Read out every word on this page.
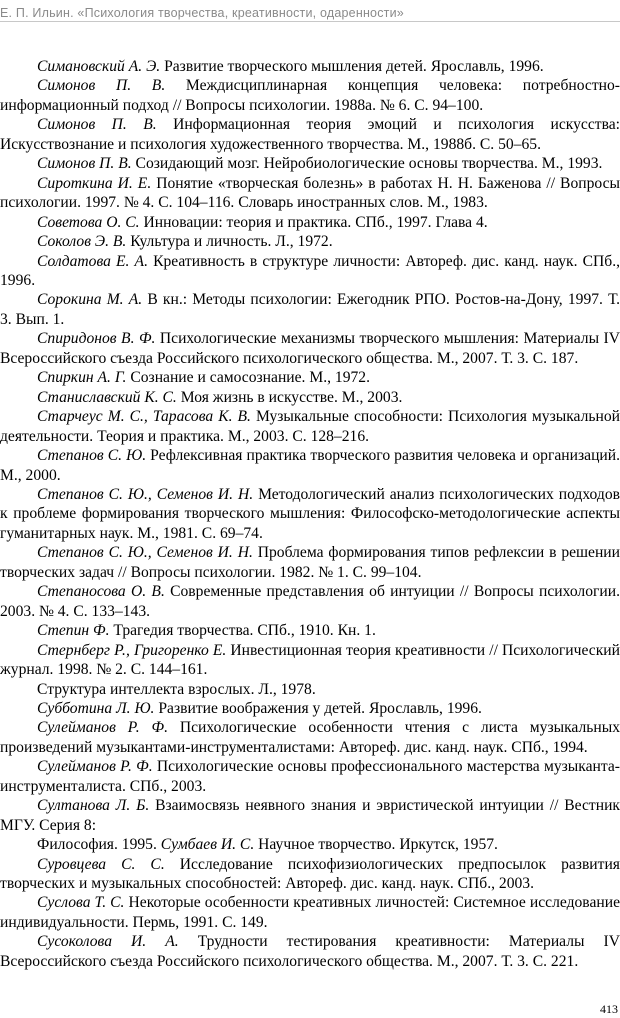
Е. П. Ильин. «Психология творчества, креативности, одаренности»

Симановский А. Э. Развитие творческого мышления детей. Ярославль, 1996.

Симонов П. В. Междисциплинарная концепция человека: потребностно-информационный подход // Вопросы психологии. 1988а. № 6. С. 94–100.

Симонов П. В. Информационная теория эмоций и психология искусства: Искусствознание и психология художественного творчества. М., 1988б. С. 50–65.

Симонов П. В. Созидающий мозг. Нейробиологические основы творчества. М., 1993.

Сироткина И. Е. Понятие «творческая болезнь» в работах Н. Н. Баженова // Вопросы психологии. 1997. № 4. С. 104–116. Словарь иностранных слов. М., 1983.

Советова О. С. Инновации: теория и практика. СПб., 1997. Глава 4.

Соколов Э. В. Культура и личность. Л., 1972.

Солдатова Е. А. Креативность в структуре личности: Автореф. дис. канд. наук. СПб., 1996.

Сорокина М. А. В кн.: Методы психологии: Ежегодник РПО. Ростов-на-Дону, 1997. Т. 3. Вып. 1.

Спиридонов В. Ф. Психологические механизмы творческого мышления: Материалы IV Всероссийского съезда Российского психологического общества. М., 2007. Т. 3. С. 187.

Спиркин А. Г. Сознание и самосознание. М., 1972.

Станиславский К. С. Моя жизнь в искусстве. М., 2003.

Старчеус М. С., Тарасова К. В. Музыкальные способности: Психология музыкальной деятельности. Теория и практика. М., 2003. С. 128–216.

Степанов С. Ю. Рефлексивная практика творческого развития человека и организаций. М., 2000.

Степанов С. Ю., Семенов И. Н. Методологический анализ психологических подходов к проблеме формирования творческого мышления: Философско-методологические аспекты гуманитарных наук. М., 1981. С. 69–74.

Степанов С. Ю., Семенов И. Н. Проблема формирования типов рефлексии в решении творческих задач // Вопросы психологии. 1982. № 1. С. 99–104.

Степаносова О. В. Современные представления об интуиции // Вопросы психологии. 2003. № 4. С. 133–143.

Степин Ф. Трагедия творчества. СПб., 1910. Кн. 1.

Стернберг Р., Григоренко Е. Инвестиционная теория креативности // Психологический журнал. 1998. № 2. С. 144–161.

Структура интеллекта взрослых. Л., 1978.

Субботина Л. Ю. Развитие воображения у детей. Ярославль, 1996.

Сулейманов Р. Ф. Психологические особенности чтения с листа музыкальных произведений музыкантами-инструменталистами: Автореф. дис. канд. наук. СПб., 1994.

Сулейманов Р. Ф. Психологические основы профессионального мастерства музыканта-инструменталиста. СПб., 2003.

Султанова Л. Б. Взаимосвязь неявного знания и эвристической интуиции // Вестник МГУ. Серия 8:

Философия. 1995. Сумбаев И. С. Научное творчество. Иркутск, 1957.

Суровцева С. С. Исследование психофизиологических предпосылок развития творческих и музыкальных способностей: Автореф. дис. канд. наук. СПб., 2003.

Суслова Т. С. Некоторые особенности креативных личностей: Системное исследование индивидуальности. Пермь, 1991. С. 149.

Сусоколова И. А. Трудности тестирования креативности: Материалы IV Всероссийского съезда Российского психологического общества. М., 2007. Т. 3. С. 221.

413
